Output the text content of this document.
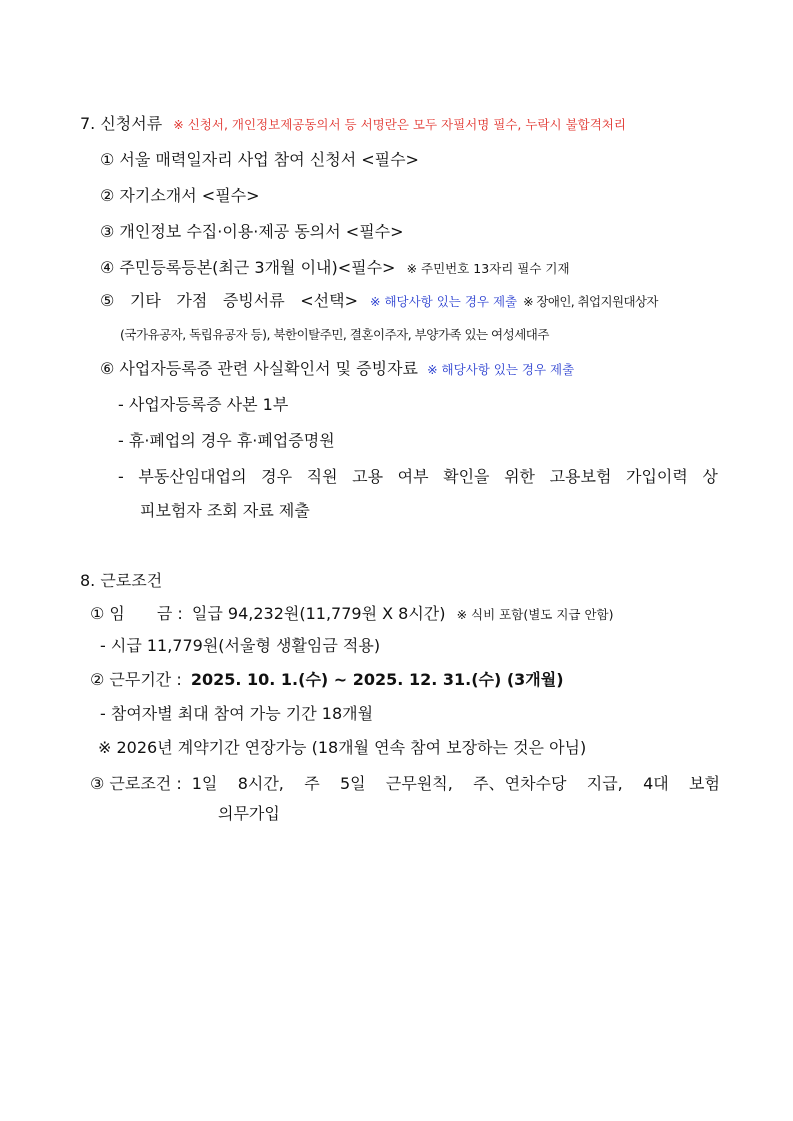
7. 신청서류 ※ 신청서, 개인정보제공동의서 등 서명란은 모두 자필서명 필수, 누락시 불합격처리
① 서울 매력일자리 사업 참여 신청서 <필수>
② 자기소개서 <필수>
③ 개인정보 수집·이용·제공 동의서 <필수>
④ 주민등록등본(최근 3개월 이내)<필수> ※ 주민번호 13자리 필수 기재
⑤ 기타 가점 증빙서류 <선택> ※ 해당사항 있는 경우 제출 ※ 장애인, 취업지원대상자
(국가유공자, 독립유공자 등), 북한이탈주민, 결혼이주자, 부양가족 있는 여성세대주
⑥ 사업자등록증 관련 사실확인서 및 증빙자료 ※ 해당사항 있는 경우 제출
- 사업자등록증 사본 1부
- 휴·폐업의 경우 휴·폐업증명원
- 부동산임대업의 경우 직원 고용 여부 확인을 위한 고용보험 가입이력 상
피보험자 조회 자료 제출
8. 근로조건
① 임　　금 : 일급 94,232원(11,779원 X 8시간) ※ 식비 포함(별도 지급 안함)
- 시급 11,779원(서울형 생활임금 적용)
② 근무기간 : 2025. 10. 1.(수) ~ 2025. 12. 31.(수) (3개월)
- 참여자별 최대 참여 가능 기간 18개월
※ 2026년 계약기간 연장가능 (18개월 연속 참여 보장하는 것은 아님)
③ 근로조건 : 1일 8시간, 주 5일 근무원칙, 주、연차수당 지급, 4대 보험
의무가입
